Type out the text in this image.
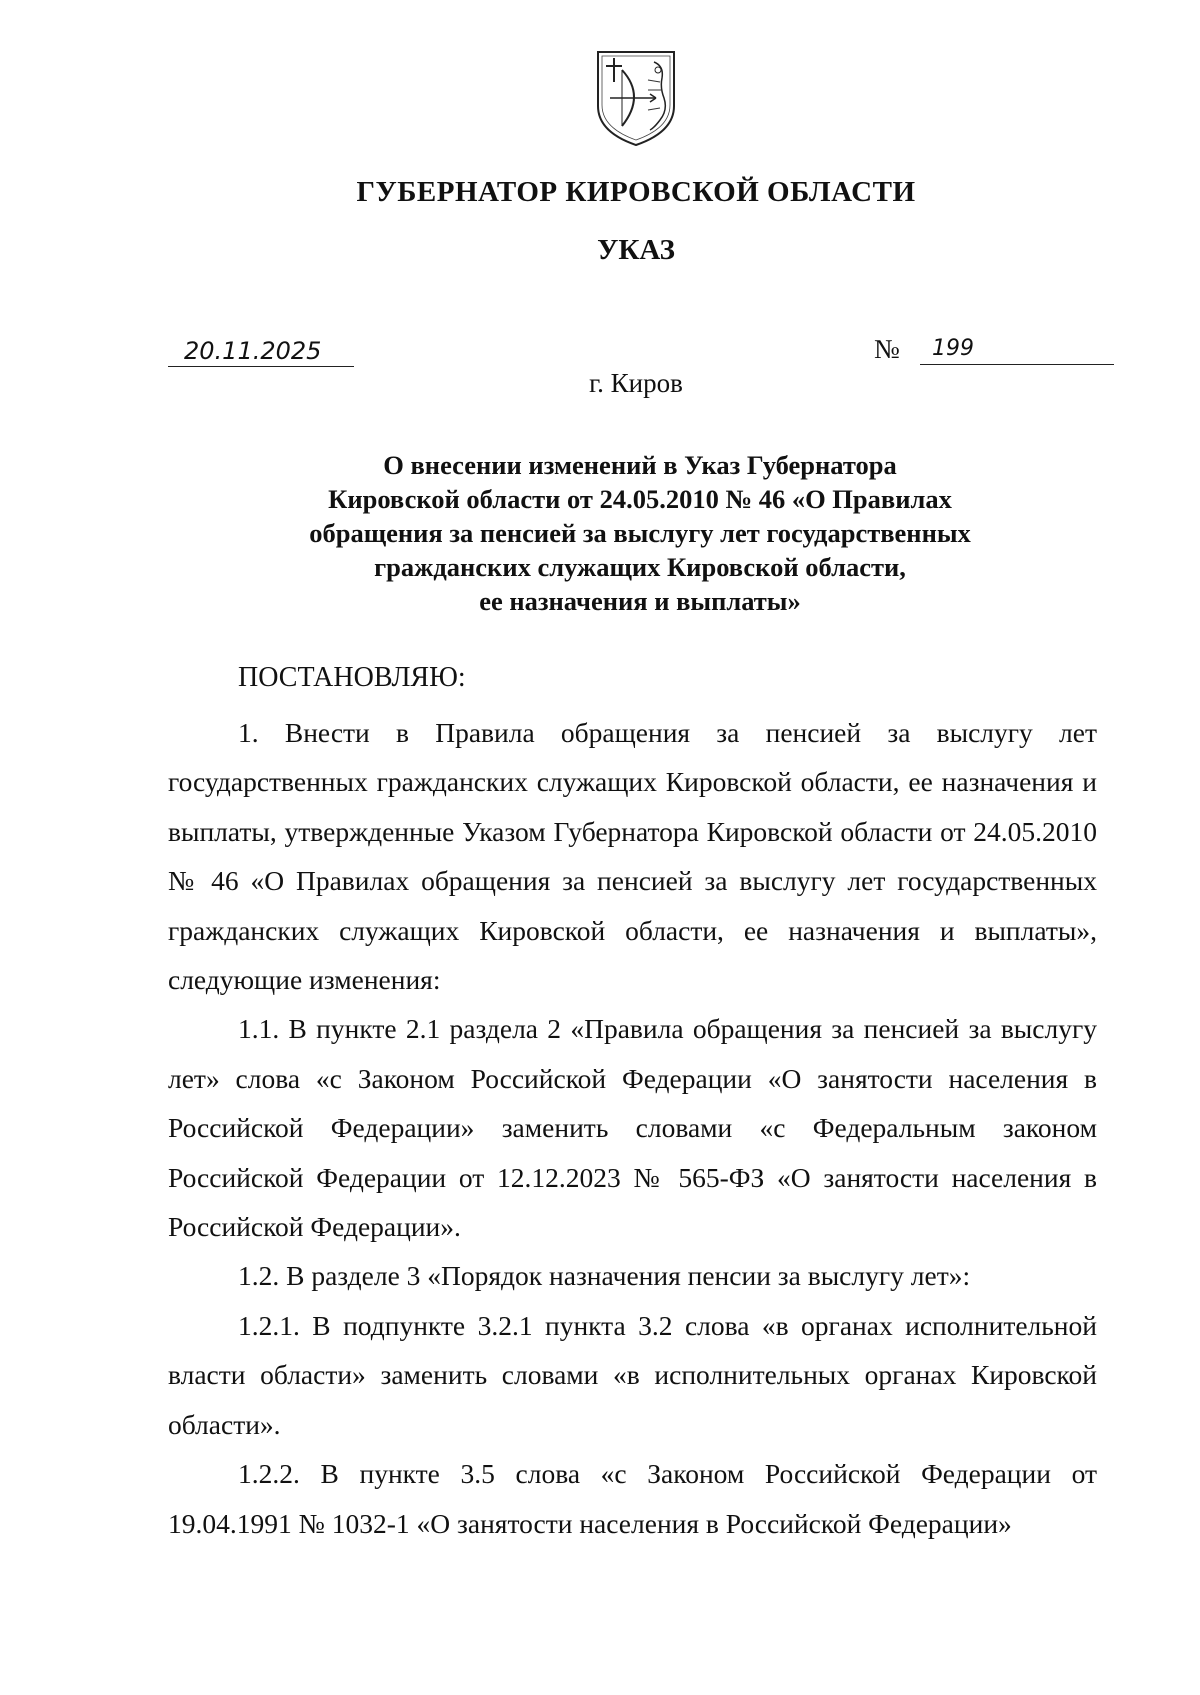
ГУБЕРНАТОР КИРОВСКОЙ ОБЛАСТИ
УКАЗ
20.11.2025	№	199
г. Киров
О внесении изменений в Указ Губернатора
Кировской области от 24.05.2010 № 46 «О Правилах
обращения за пенсией за выслугу лет государственных
гражданских служащих Кировской области,
ее назначения и выплаты»
ПОСТАНОВЛЯЮ:

1. Внести в Правила обращения за пенсией за выслугу лет государственных гражданских служащих Кировской области, ее назначения и выплаты, утвержденные Указом Губернатора Кировской области от 24.05.2010 № 46 «О Правилах обращения за пенсией за выслугу лет государственных гражданских служащих Кировской области, ее назначения и выплаты», следующие изменения:

1.1. В пункте 2.1 раздела 2 «Правила обращения за пенсией за выслугу лет» слова «с Законом Российской Федерации «О занятости населения в Российской Федерации» заменить словами «с Федеральным законом Российской Федерации от 12.12.2023 № 565-ФЗ «О занятости населения в Российской Федерации».

1.2. В разделе 3 «Порядок назначения пенсии за выслугу лет»:

1.2.1. В подпункте 3.2.1 пункта 3.2 слова «в органах исполнительной власти области» заменить словами «в исполнительных органах Кировской области».

1.2.2. В пункте 3.5 слова «с Законом Российской Федерации от 19.04.1991 № 1032-1 «О занятости населения в Российской Федерации»
